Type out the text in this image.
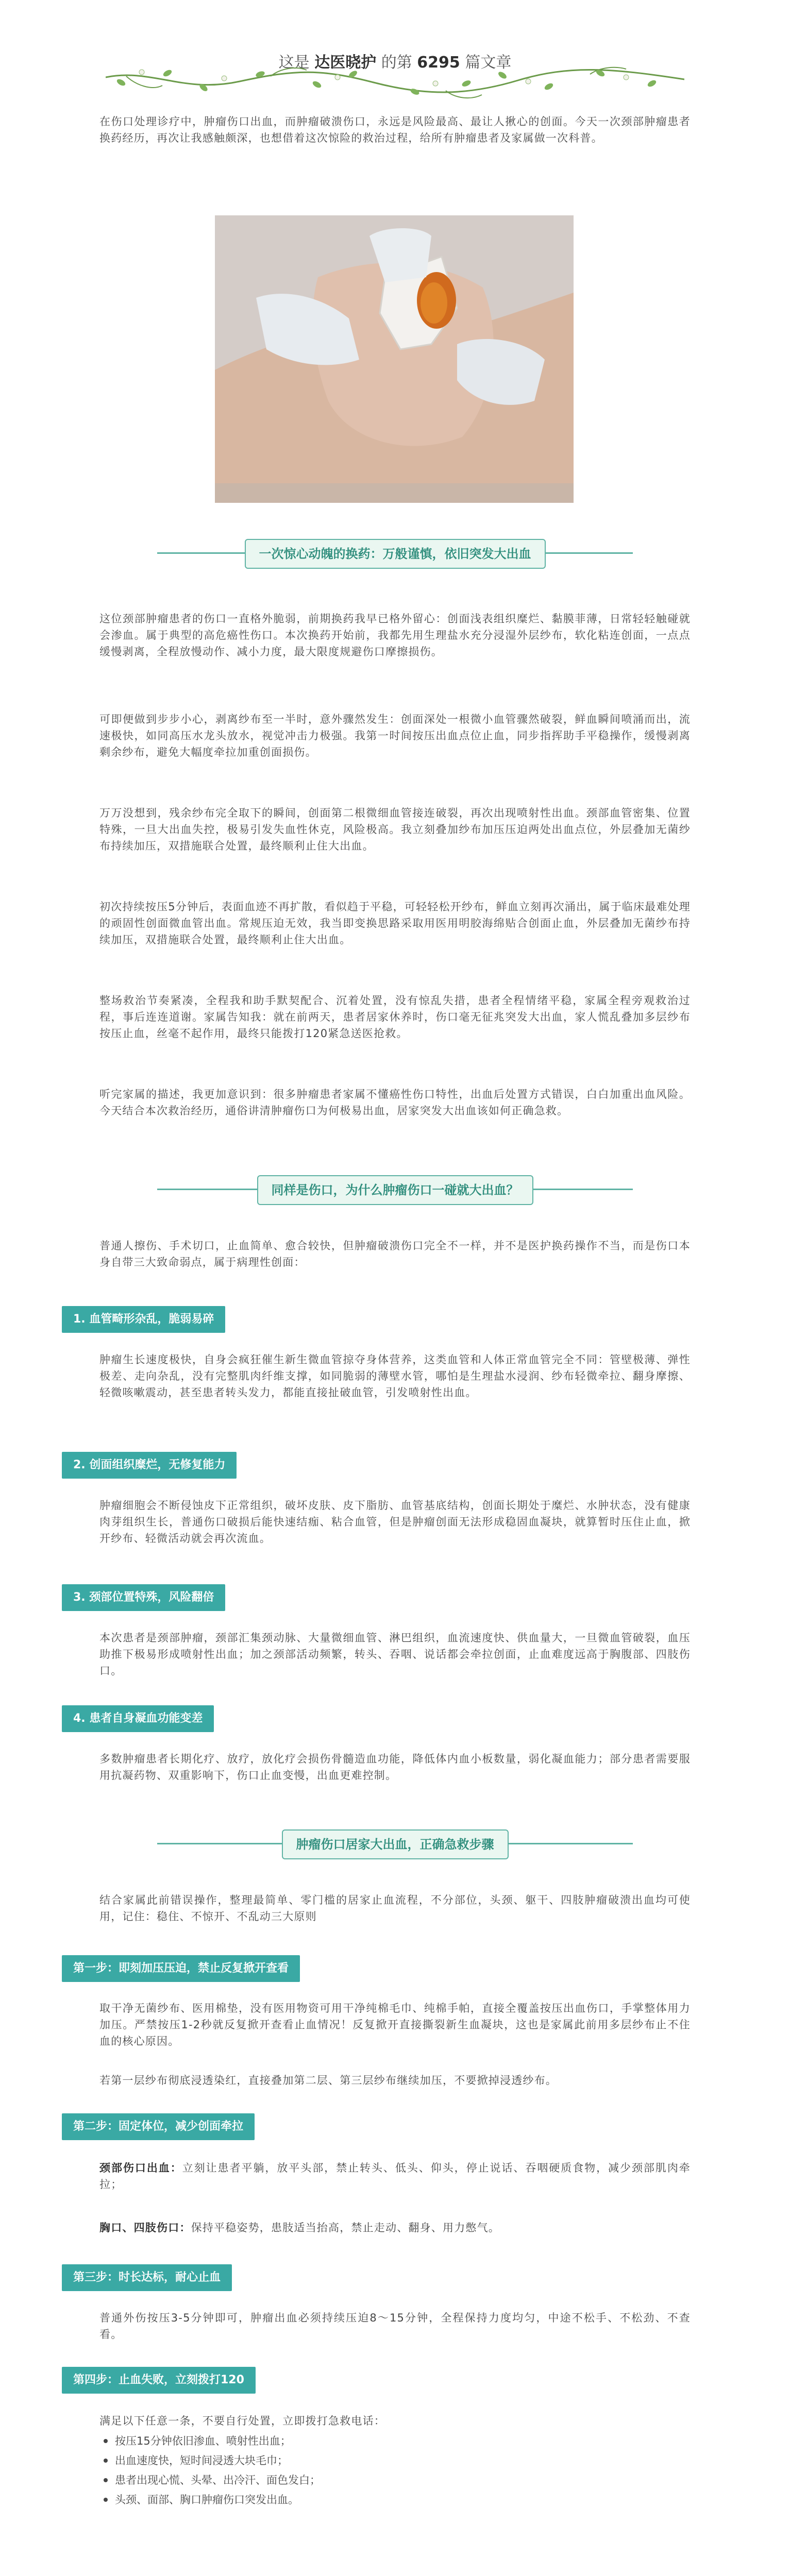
这是 达医晓护 的第 6295 篇文章

在伤口处理诊疗中，肿瘤伤口出血，而肿瘤破溃伤口，永远是风险最高、最让人揪心的创面。今天一次颈部肿瘤患者换药经历，再次让我感触颇深，也想借着这次惊险的救治过程，给所有肿瘤患者及家属做一次科普。

一次惊心动魄的换药：万般谨慎，依旧突发大出血

这位颈部肿瘤患者的伤口一直格外脆弱，前期换药我早已格外留心：创面浅表组织糜烂、黏膜菲薄，日常轻轻触碰就会渗血。属于典型的高危癌性伤口。本次换药开始前，我都先用生理盐水充分浸湿外层纱布，软化粘连创面，一点点缓慢剥离，全程放慢动作、减小力度，最大限度规避伤口摩擦损伤。

可即便做到步步小心，剥离纱布至一半时，意外骤然发生：创面深处一根微小血管骤然破裂，鲜血瞬间喷涌而出，流速极快，如同高压水龙头放水，视觉冲击力极强。我第一时间按压出血点位止血，同步指挥助手平稳操作，缓慢剥离剩余纱布，避免大幅度牵拉加重创面损伤。

万万没想到，残余纱布完全取下的瞬间，创面第二根微细血管接连破裂，再次出现喷射性出血。颈部血管密集、位置特殊，一旦大出血失控，极易引发失血性休克，风险极高。我立刻叠加纱布加压压迫两处出血点位，外层叠加无菌纱布持续加压，双措施联合处置，最终顺利止住大出血。

初次持续按压5分钟后，表面血迹不再扩散，看似趋于平稳，可轻轻松开纱布，鲜血立刻再次涌出，属于临床最难处理的顽固性创面微血管出血。常规压迫无效，我当即变换思路采取用医用明胶海绵贴合创面止血，外层叠加无菌纱布持续加压，双措施联合处置，最终顺利止住大出血。

整场救治节奏紧凑，全程我和助手默契配合、沉着处置，没有惊乱失措，患者全程情绪平稳，家属全程旁观救治过程，事后连连道谢。家属告知我：就在前两天，患者居家休养时，伤口毫无征兆突发大出血，家人慌乱叠加多层纱布按压止血，丝毫不起作用，最终只能拨打120紧急送医抢救。

听完家属的描述，我更加意识到：很多肿瘤患者家属不懂癌性伤口特性，出血后处置方式错误，白白加重出血风险。今天结合本次救治经历，通俗讲清肿瘤伤口为何极易出血，居家突发大出血该如何正确急救。

同样是伤口，为什么肿瘤伤口一碰就大出血？

普通人擦伤、手术切口，止血简单、愈合较快，但肿瘤破溃伤口完全不一样，并不是医护换药操作不当，而是伤口本身自带三大致命弱点，属于病理性创面：

1. 血管畸形杂乱，脆弱易碎

肿瘤生长速度极快，自身会疯狂催生新生微血管掠夺身体营养，这类血管和人体正常血管完全不同：管壁极薄、弹性极差、走向杂乱，没有完整肌肉纤维支撑，如同脆弱的薄壁水管，哪怕是生理盐水浸润、纱布轻微牵拉、翻身摩擦、轻微咳嗽震动，甚至患者转头发力，都能直接扯破血管，引发喷射性出血。

2. 创面组织糜烂，无修复能力

肿瘤细胞会不断侵蚀皮下正常组织，破坏皮肤、皮下脂肪、血管基底结构，创面长期处于糜烂、水肿状态，没有健康肉芽组织生长，普通伤口破损后能快速结痂、粘合血管，但是肿瘤创面无法形成稳固血凝块，就算暂时压住止血，掀开纱布、轻微活动就会再次流血。

3. 颈部位置特殊，风险翻倍

本次患者是颈部肿瘤，颈部汇集颈动脉、大量微细血管、淋巴组织，血流速度快、供血量大，一旦微血管破裂，血压助推下极易形成喷射性出血；加之颈部活动频繁，转头、吞咽、说话都会牵拉创面，止血难度远高于胸腹部、四肢伤口。

4. 患者自身凝血功能变差

多数肿瘤患者长期化疗、放疗，放化疗会损伤骨髓造血功能，降低体内血小板数量，弱化凝血能力；部分患者需要服用抗凝药物、双重影响下，伤口止血变慢，出血更难控制。

肿瘤伤口居家大出血，正确急救步骤

结合家属此前错误操作，整理最简单、零门槛的居家止血流程，不分部位，头颈、躯干、四肢肿瘤破溃出血均可使用，记住：稳住、不惊开、不乱动三大原则

第一步：即刻加压压迫，禁止反复掀开查看

取干净无菌纱布、医用棉垫，没有医用物资可用干净纯棉毛巾、纯棉手帕，直接全覆盖按压出血伤口，手掌整体用力加压。严禁按压1-2秒就反复掀开查看止血情况！反复掀开直接撕裂新生血凝块，这也是家属此前用多层纱布止不住血的核心原因。

若第一层纱布彻底浸透染红，直接叠加第二层、第三层纱布继续加压，不要掀掉浸透纱布。

第二步：固定体位，减少创面牵拉

颈部伤口出血：立刻让患者平躺，放平头部，禁止转头、低头、仰头，停止说话、吞咽硬质食物，减少颈部肌肉牵拉；

胸口、四肢伤口：保持平稳姿势，患肢适当抬高，禁止走动、翻身、用力憋气。

第三步：时长达标，耐心止血

普通外伤按压3-5分钟即可，肿瘤出血必须持续压迫8～15分钟，全程保持力度均匀，中途不松手、不松劲、不查看。

第四步：止血失败，立刻拨打120

满足以下任意一条，不要自行处置，立即拨打急救电话：

按压15分钟依旧渗血、喷射性出血；
出血速度快，短时间浸透大块毛巾；
患者出现心慌、头晕、出冷汗、面色发白；
头颈、面部、胸口肿瘤伤口突发出血。
